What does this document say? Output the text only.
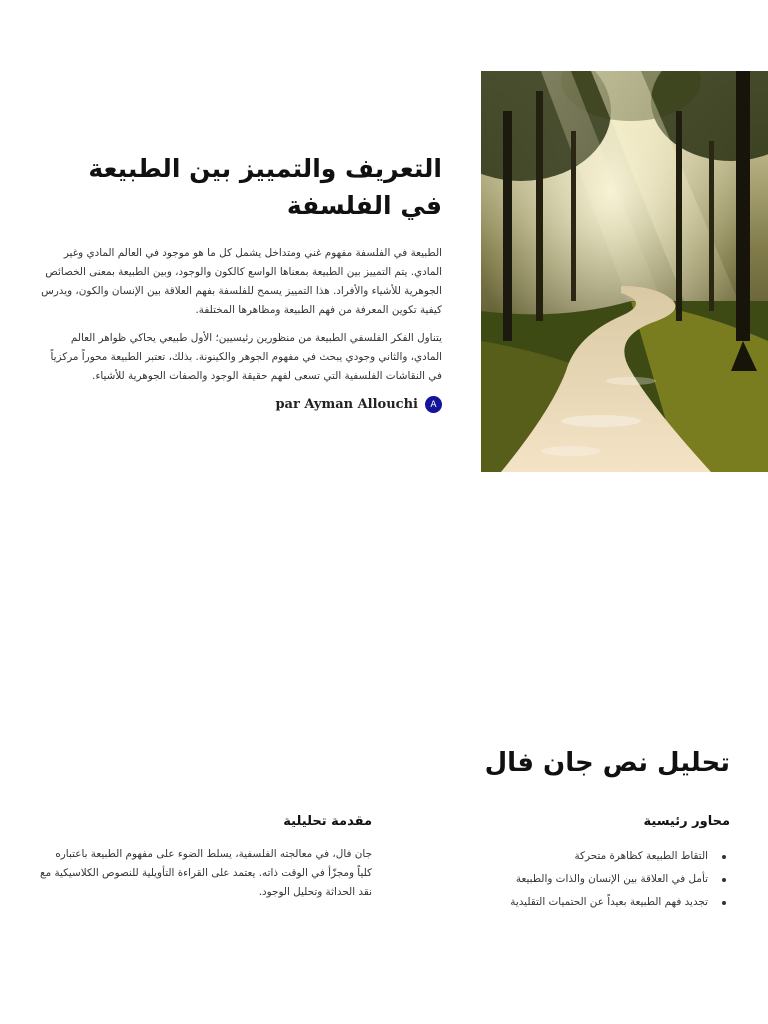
التعريف والتمييز بين الطبيعة في الفلسفة

الطبيعة في الفلسفة مفهوم غني ومتداخل يشمل كل ما هو موجود في العالم المادي وغير المادي. يتم التمييز بين الطبيعة بمعناها الواسع كالكون والوجود، وبين الطبيعة بمعنى الخصائص الجوهرية للأشياء والأفراد. هذا التمييز يسمح للفلسفة بفهم العلاقة بين الإنسان والكون، ويدرس كيفية تكوين المعرفة من فهم الطبيعة ومظاهرها المختلفة.

يتناول الفكر الفلسفي الطبيعة من منظورين رئيسيين؛ الأول طبيعي يحاكي ظواهر العالم المادي، والثاني وجودي يبحث في مفهوم الجوهر والكينونة. بذلك، تعتبر الطبيعة محوراً مركزياً في النقاشات الفلسفية التي تسعى لفهم حقيقة الوجود والصفات الجوهرية للأشياء.

par Ayman Allouchi	A
تحليل نص جان فال
محاور رئيسية
التقاط الطبيعة كظاهرة متحركة
تأمل في العلاقة بين الإنسان والذات والطبيعة
تجديد فهم الطبيعة بعيداً عن الحتميات التقليدية
مقدمة تحليلية

جان فال، في معالجته الفلسفية، يسلط الضوء على مفهوم الطبيعة باعتباره كلياً ومجزّأ في الوقت ذاته. يعتمد على القراءة التأويلية للنصوص الكلاسيكية مع نقد الحداثة وتحليل الوجود.
